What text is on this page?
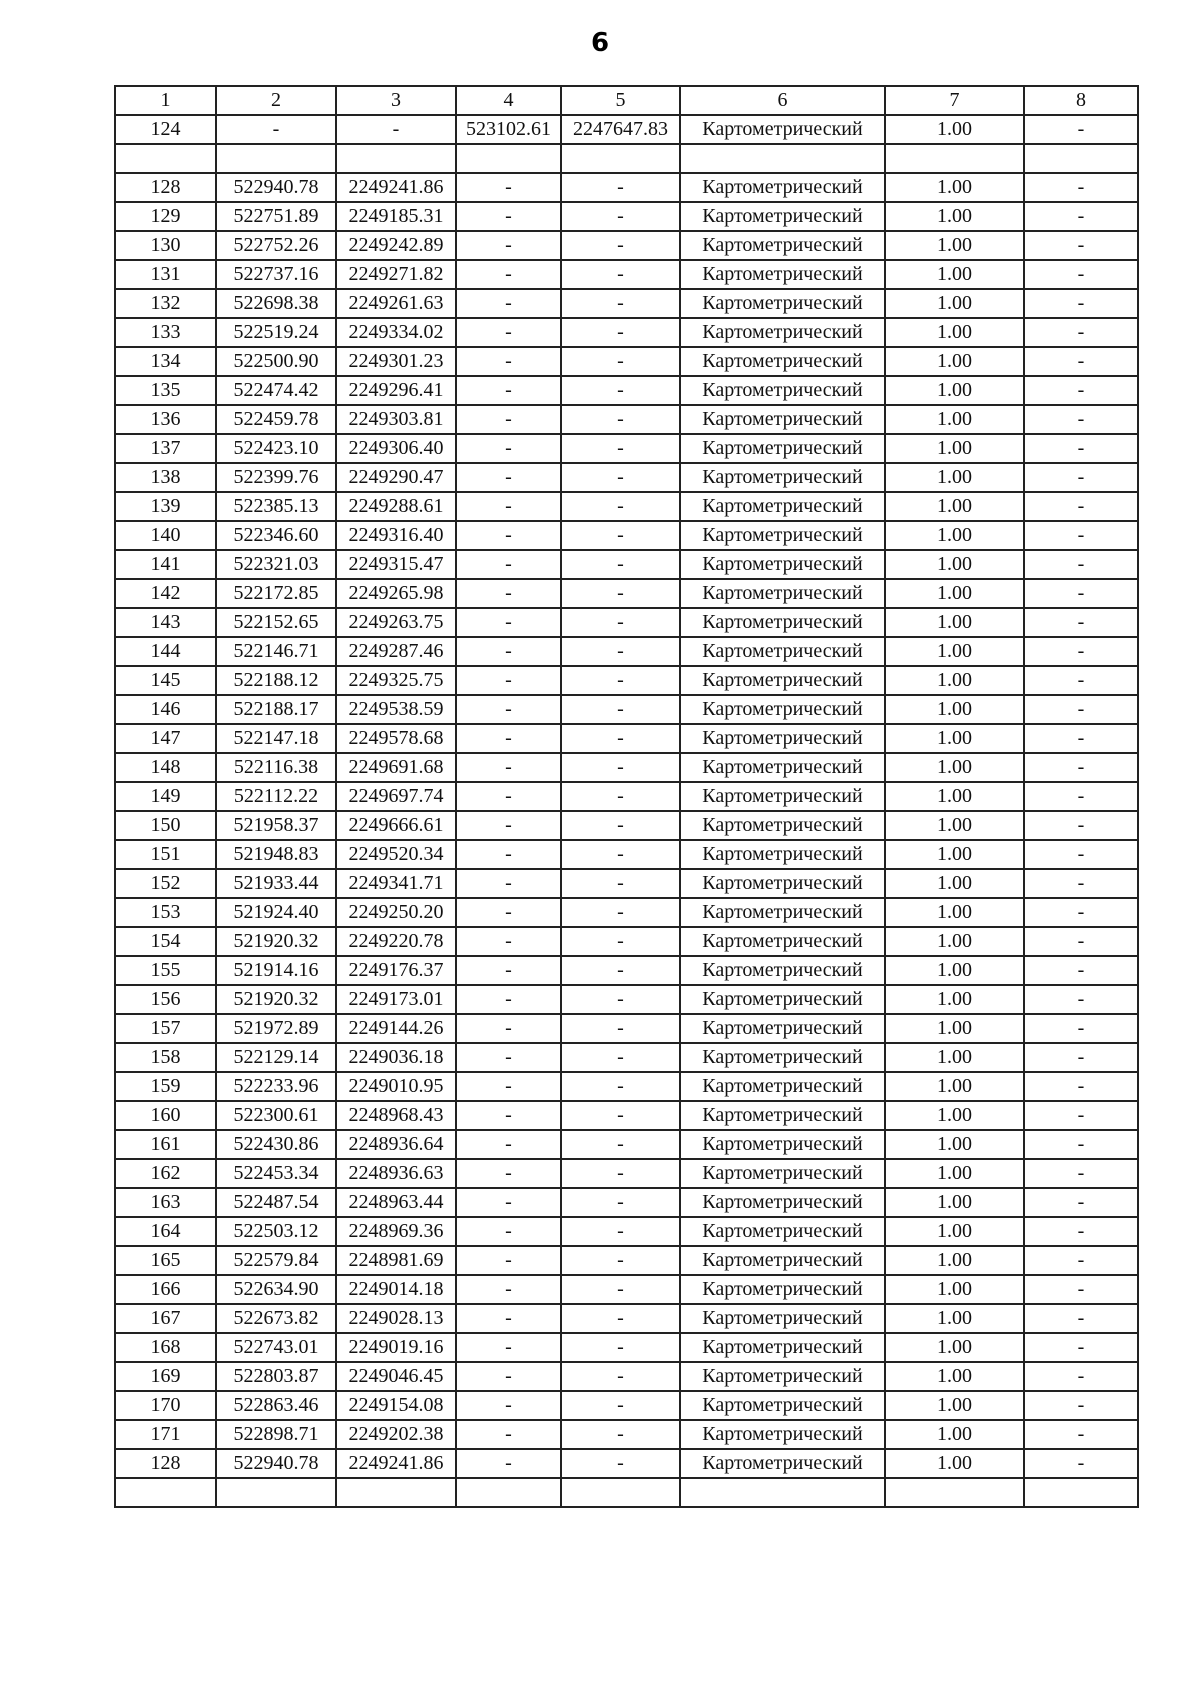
6
1	2	3	4	5	6	7	8
124	-	-	523102.61	2247647.83	Картометрический	1.00	-

128	522940.78	2249241.86	-	-	Картометрический	1.00	-
129	522751.89	2249185.31	-	-	Картометрический	1.00	-
130	522752.26	2249242.89	-	-	Картометрический	1.00	-
131	522737.16	2249271.82	-	-	Картометрический	1.00	-
132	522698.38	2249261.63	-	-	Картометрический	1.00	-
133	522519.24	2249334.02	-	-	Картометрический	1.00	-
134	522500.90	2249301.23	-	-	Картометрический	1.00	-
135	522474.42	2249296.41	-	-	Картометрический	1.00	-
136	522459.78	2249303.81	-	-	Картометрический	1.00	-
137	522423.10	2249306.40	-	-	Картометрический	1.00	-
138	522399.76	2249290.47	-	-	Картометрический	1.00	-
139	522385.13	2249288.61	-	-	Картометрический	1.00	-
140	522346.60	2249316.40	-	-	Картометрический	1.00	-
141	522321.03	2249315.47	-	-	Картометрический	1.00	-
142	522172.85	2249265.98	-	-	Картометрический	1.00	-
143	522152.65	2249263.75	-	-	Картометрический	1.00	-
144	522146.71	2249287.46	-	-	Картометрический	1.00	-
145	522188.12	2249325.75	-	-	Картометрический	1.00	-
146	522188.17	2249538.59	-	-	Картометрический	1.00	-
147	522147.18	2249578.68	-	-	Картометрический	1.00	-
148	522116.38	2249691.68	-	-	Картометрический	1.00	-
149	522112.22	2249697.74	-	-	Картометрический	1.00	-
150	521958.37	2249666.61	-	-	Картометрический	1.00	-
151	521948.83	2249520.34	-	-	Картометрический	1.00	-
152	521933.44	2249341.71	-	-	Картометрический	1.00	-
153	521924.40	2249250.20	-	-	Картометрический	1.00	-
154	521920.32	2249220.78	-	-	Картометрический	1.00	-
155	521914.16	2249176.37	-	-	Картометрический	1.00	-
156	521920.32	2249173.01	-	-	Картометрический	1.00	-
157	521972.89	2249144.26	-	-	Картометрический	1.00	-
158	522129.14	2249036.18	-	-	Картометрический	1.00	-
159	522233.96	2249010.95	-	-	Картометрический	1.00	-
160	522300.61	2248968.43	-	-	Картометрический	1.00	-
161	522430.86	2248936.64	-	-	Картометрический	1.00	-
162	522453.34	2248936.63	-	-	Картометрический	1.00	-
163	522487.54	2248963.44	-	-	Картометрический	1.00	-
164	522503.12	2248969.36	-	-	Картометрический	1.00	-
165	522579.84	2248981.69	-	-	Картометрический	1.00	-
166	522634.90	2249014.18	-	-	Картометрический	1.00	-
167	522673.82	2249028.13	-	-	Картометрический	1.00	-
168	522743.01	2249019.16	-	-	Картометрический	1.00	-
169	522803.87	2249046.45	-	-	Картометрический	1.00	-
170	522863.46	2249154.08	-	-	Картометрический	1.00	-
171	522898.71	2249202.38	-	-	Картометрический	1.00	-
128	522940.78	2249241.86	-	-	Картометрический	1.00	-
